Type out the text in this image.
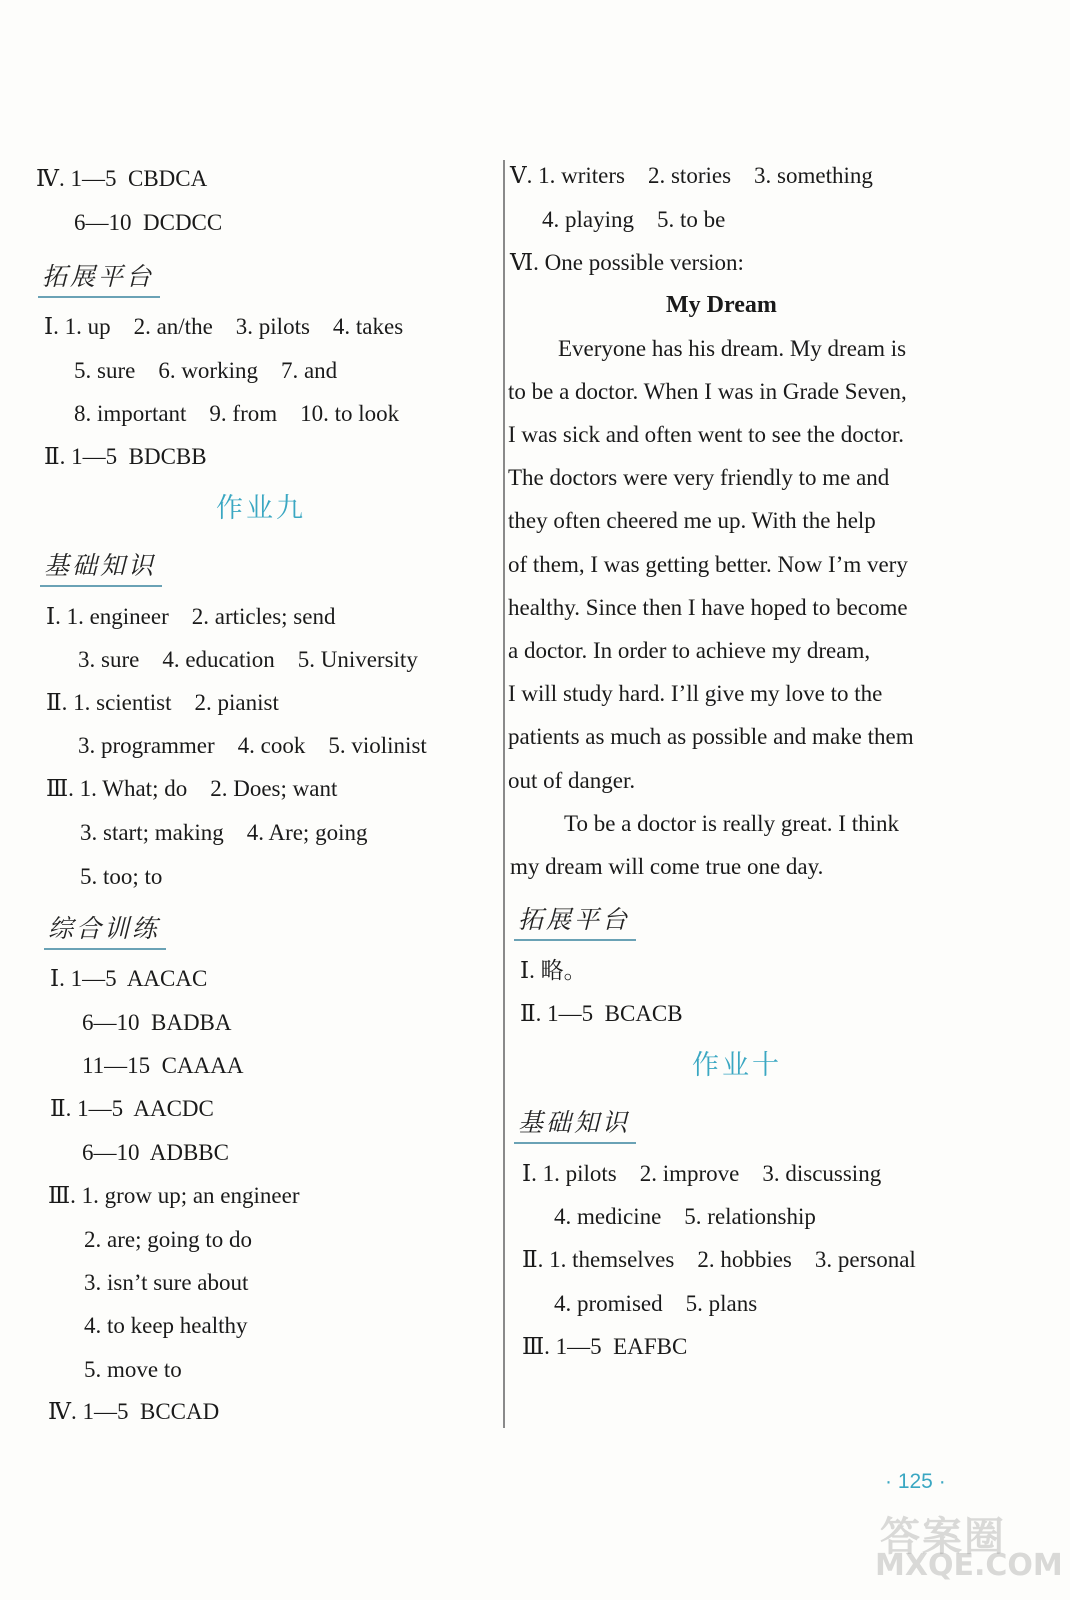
Ⅳ. 1—5  CBDCA
6—10  DCDCC
拓展平台
Ⅰ. 1. up    2. an/the    3. pilots    4. takes
5. sure    6. working    7. and
8. important    9. from    10. to look
Ⅱ. 1—5  BDCBB
作业九
基础知识
Ⅰ. 1. engineer    2. articles; send
3. sure    4. education    5. University
Ⅱ. 1. scientist    2. pianist
3. programmer    4. cook    5. violinist
Ⅲ. 1. What; do    2. Does; want
3. start; making    4. Are; going
5. too; to
综合训练
Ⅰ. 1—5  AACAC
6—10  BADBA
11—15  CAAAA
Ⅱ. 1—5  AACDC
6—10  ADBBC
Ⅲ. 1. grow up; an engineer
2. are; going to do
3. isn’t sure about
4. to keep healthy
5. move to
Ⅳ. 1—5  BCCAD
Ⅴ. 1. writers    2. stories    3. something
4. playing    5. to be
Ⅵ. One possible version:
My Dream

Everyone has his dream. My dream is

to be a doctor. When I was in Grade Seven,

I was sick and often went to see the doctor.

The doctors were very friendly to me and

they often cheered me up. With the help

of them, I was getting better. Now I’m very

healthy. Since then I have hoped to become

a doctor. In order to achieve my dream,

I will study hard. I’ll give my love to the

patients as much as possible and make them

out of danger.

To be a doctor is really great. I think

my dream will come true one day.

拓展平台
Ⅰ. 略。
Ⅱ. 1—5  BCACB
作业十
基础知识
Ⅰ. 1. pilots    2. improve    3. discussing
4. medicine    5. relationship
Ⅱ. 1. themselves    2. hobbies    3. personal
4. promised    5. plans
Ⅲ. 1—5  EAFBC
· 125 ·
答案圈
MXQE.COM
